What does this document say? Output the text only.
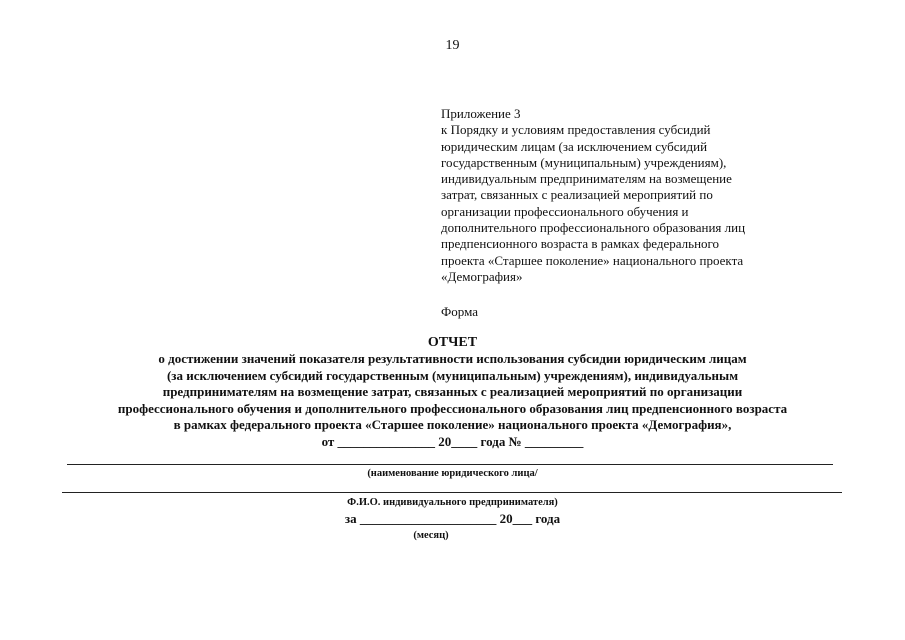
19
Приложение 3
к Порядку и условиям предоставления субсидий
юридическим лицам (за исключением субсидий
государственным (муниципальным) учреждениям),
индивидуальным предпринимателям на возмещение
затрат, связанных с реализацией мероприятий по
организации профессионального обучения и
дополнительного профессионального образования лиц
предпенсионного возраста в рамках федерального
проекта «Старшее поколение» национального проекта
«Демография»
Форма
ОТЧЕТ
о достижении значений показателя результативности использования субсидии юридическим лицам
(за исключением субсидий государственным (муниципальным) учреждениям), индивидуальным
предпринимателям на возмещение затрат, связанных с реализацией мероприятий по организации
профессионального обучения и дополнительного профессионального образования лиц предпенсионного возраста
в рамках федерального проекта «Старшее поколение» национального проекта «Демография»,
от _______________ 20____ года № _________
(наименование юридического лица/
Ф.И.О. индивидуального предпринимателя)
за _____________________ 20___ года
(месяц)
